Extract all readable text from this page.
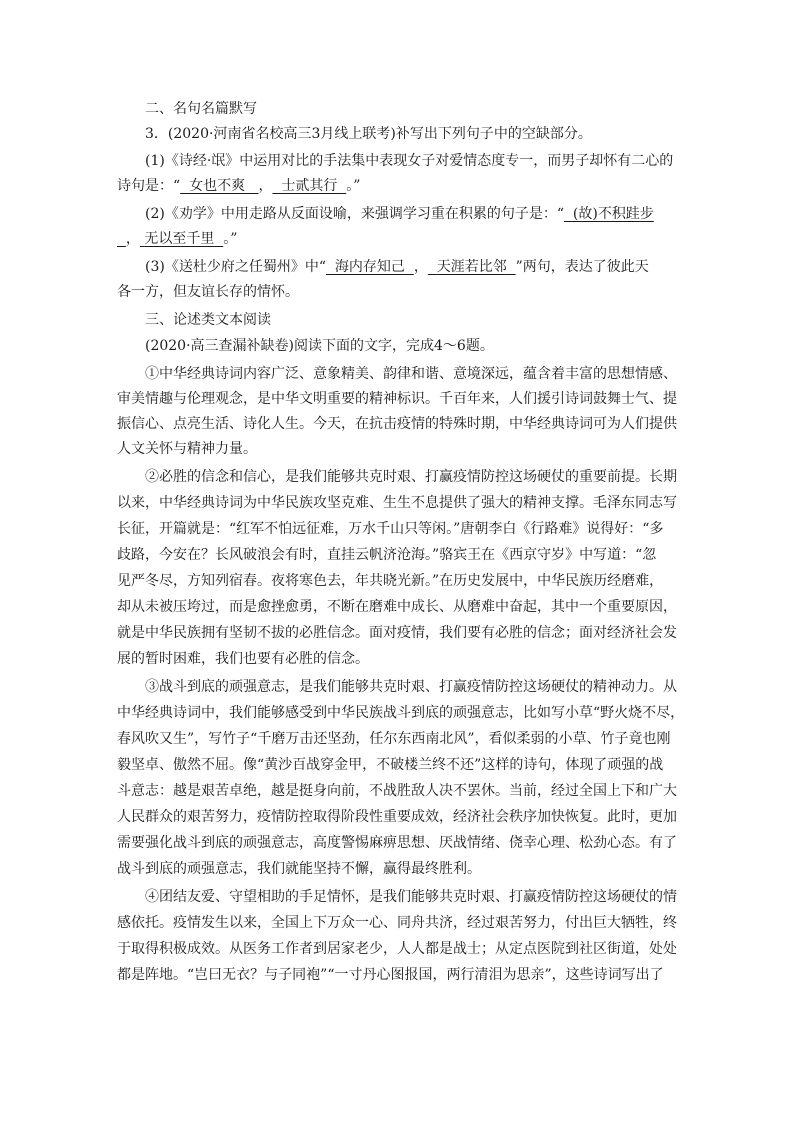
二、名句名篇默写
3．(2020·河南省名校高三3月线上联考)补写出下列句子中的空缺部分。
(1)《诗经·氓》中运用对比的手法集中表现女子对爱情态度专一，而男子却怀有二心的
诗句是：“ 女也不爽 ， 士贰其行 。”
(2)《劝学》中用走路从反面设喻，来强调学习重在积累的句子是：“ (故)不积跬步
， 无以至千里 。”
(3)《送杜少府之任蜀州》中“ 海内存知己 ， 天涯若比邻 ”两句，表达了彼此天
各一方，但友谊长存的情怀。
三、论述类文本阅读
(2020·高三查漏补缺卷)阅读下面的文字，完成4～6题。
①中华经典诗词内容广泛、意象精美、韵律和谐、意境深远，蕴含着丰富的思想情感、
审美情趣与伦理观念，是中华文明重要的精神标识。千百年来，人们援引诗词鼓舞士气、提
振信心、点亮生活、诗化人生。今天，在抗击疫情的特殊时期，中华经典诗词可为人们提供
人文关怀与精神力量。
②必胜的信念和信心，是我们能够共克时艰、打赢疫情防控这场硬仗的重要前提。长期
以来，中华经典诗词为中华民族攻坚克难、生生不息提供了强大的精神支撑。毛泽东同志写
长征，开篇就是：“红军不怕远征难，万水千山只等闲。”唐朝李白《行路难》说得好：“多
歧路，今安在？长风破浪会有时，直挂云帆济沧海。”骆宾王在《西京守岁》中写道：“忽
见严冬尽，方知列宿春。夜将寒色去，年共晓光新。”在历史发展中，中华民族历经磨难，
却从未被压垮过，而是愈挫愈勇，不断在磨难中成长、从磨难中奋起，其中一个重要原因，
就是中华民族拥有坚韧不拔的必胜信念。面对疫情，我们要有必胜的信念；面对经济社会发
展的暂时困难，我们也要有必胜的信念。
③战斗到底的顽强意志，是我们能够共克时艰、打赢疫情防控这场硬仗的精神动力。从
中华经典诗词中，我们能够感受到中华民族战斗到底的顽强意志，比如写小草“野火烧不尽，
春风吹又生”，写竹子“千磨万击还坚劲，任尔东西南北风”，看似柔弱的小草、竹子竟也刚
毅坚卓、傲然不屈。像“黄沙百战穿金甲，不破楼兰终不还”这样的诗句，体现了顽强的战
斗意志：越是艰苦卓绝，越是挺身向前，不战胜敌人决不罢休。当前，经过全国上下和广大
人民群众的艰苦努力，疫情防控取得阶段性重要成效，经济社会秩序加快恢复。此时，更加
需要强化战斗到底的顽强意志，高度警惕麻痹思想、厌战情绪、侥幸心理、松劲心态。有了
战斗到底的顽强意志，我们就能坚持不懈，赢得最终胜利。
④团结友爱、守望相助的手足情怀，是我们能够共克时艰、打赢疫情防控这场硬仗的情
感依托。疫情发生以来，全国上下万众一心、同舟共济，经过艰苦努力，付出巨大牺牲，终
于取得积极成效。从医务工作者到居家老少，人人都是战士；从定点医院到社区街道，处处
都是阵地。“岂曰无衣？与子同袍”“一寸丹心图报国，两行清泪为思亲”，这些诗词写出了
